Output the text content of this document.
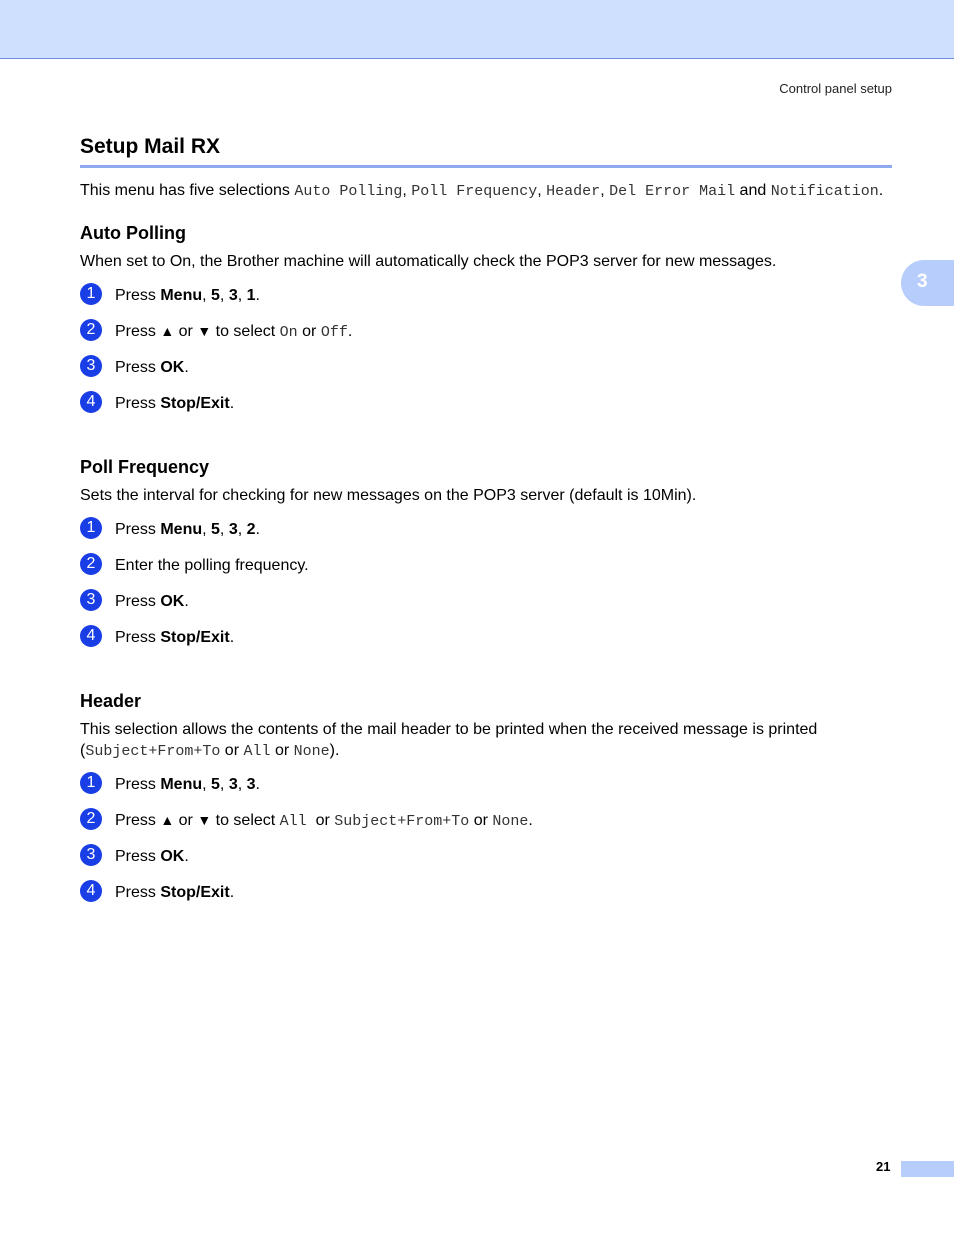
Control panel setup
3
Setup Mail RX

This menu has five selections Auto Polling, Poll Frequency, Header, Del Error Mail and Notification.

Auto Polling

When set to On, the Brother machine will automatically check the POP3 server for new messages.

1	Press Menu, 5, 3, 1.
2	Press ▲ or ▼ to select On or Off.
3	Press OK.
4	Press Stop/Exit.
Poll Frequency

Sets the interval for checking for new messages on the POP3 server (default is 10Min).

1	Press Menu, 5, 3, 2.
2	Enter the polling frequency.
3	Press OK.
4	Press Stop/Exit.
Header

This selection allows the contents of the mail header to be printed when the received message is printed
(Subject+From+To or All or None).

1	Press Menu, 5, 3, 3.
2	Press ▲ or ▼ to select All  or Subject+From+To or None.
3	Press OK.
4	Press Stop/Exit.
21
